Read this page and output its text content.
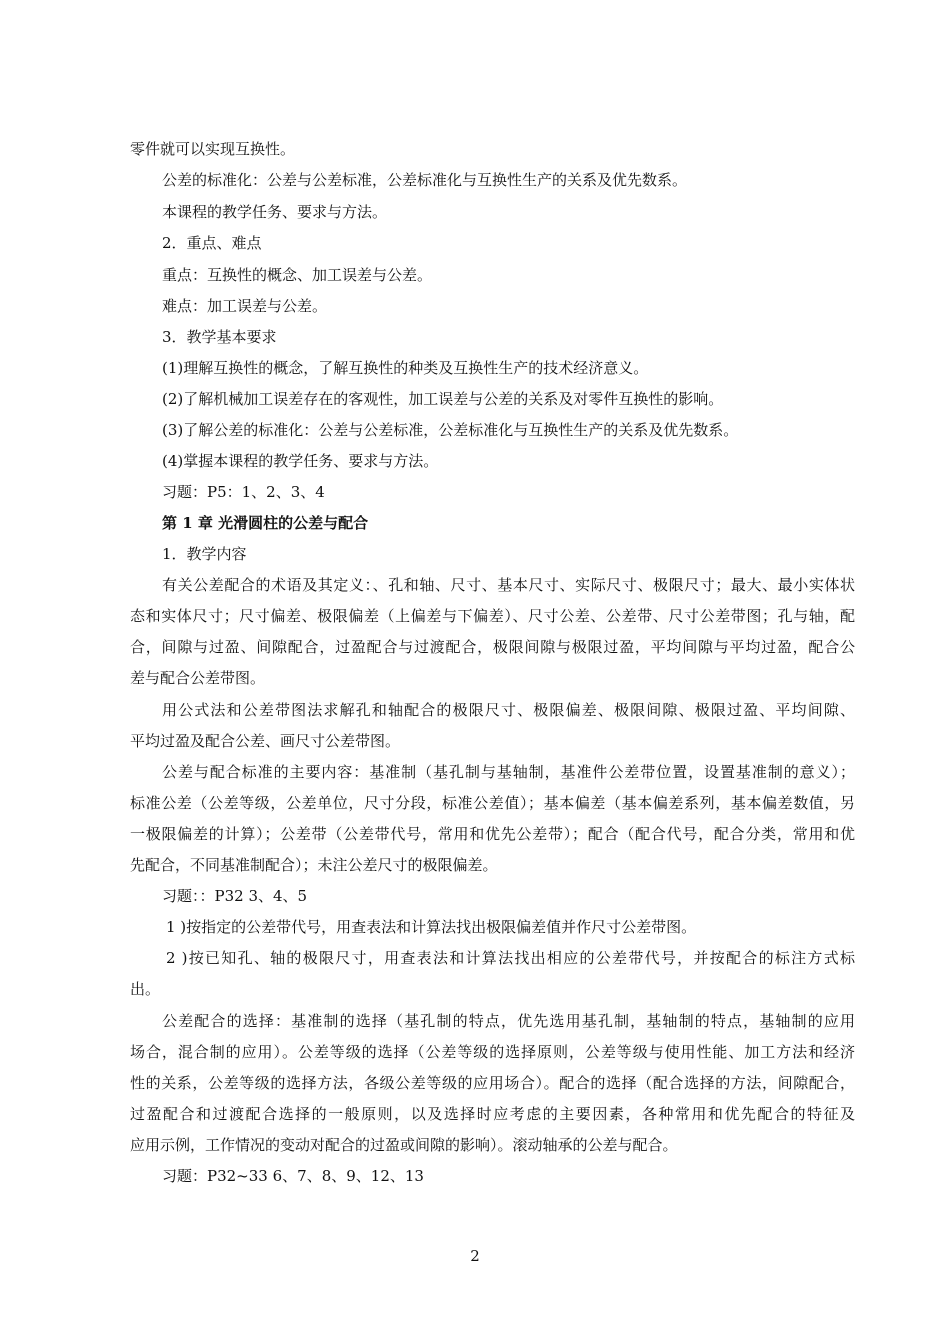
零件就可以实现互换性。
公差的标准化：公差与公差标准，公差标准化与互换性生产的关系及优先数系。
本课程的教学任务、要求与方法。
2．重点、难点
重点：互换性的概念、加工误差与公差。
难点：加工误差与公差。
3．教学基本要求
(1)理解互换性的概念，了解互换性的种类及互换性生产的技术经济意义。
(2)了解机械加工误差存在的客观性，加工误差与公差的关系及对零件互换性的影响。
(3)了解公差的标准化：公差与公差标准，公差标准化与互换性生产的关系及优先数系。
(4)掌握本课程的教学任务、要求与方法。
习题：P5：1、2、3、4
第 1 章 光滑圆柱的公差与配合
1．教学内容
有关公差配合的术语及其定义：、孔和轴、尺寸、基本尺寸、实际尺寸、极限尺寸；最大、最小实体状
态和实体尺寸；尺寸偏差、极限偏差（上偏差与下偏差）、尺寸公差、公差带、尺寸公差带图；孔与轴，配
合，间隙与过盈、间隙配合，过盈配合与过渡配合，极限间隙与极限过盈，平均间隙与平均过盈，配合公
差与配合公差带图。
用公式法和公差带图法求解孔和轴配合的极限尺寸、极限偏差、极限间隙、极限过盈、平均间隙、
平均过盈及配合公差、画尺寸公差带图。
公差与配合标准的主要内容：基准制（基孔制与基轴制，基准件公差带位置，设置基准制的意义）；
标准公差（公差等级，公差单位，尺寸分段，标准公差值）；基本偏差（基本偏差系列，基本偏差数值，另
一极限偏差的计算）；公差带（公差带代号，常用和优先公差带）；配合（配合代号，配合分类，常用和优
先配合，不同基准制配合）；未注公差尺寸的极限偏差。
习题：：P32 3、4、5
1 )按指定的公差带代号，用查表法和计算法找出极限偏差值并作尺寸公差带图。
2 )按已知孔、轴的极限尺寸，用查表法和计算法找出相应的公差带代号，并按配合的标注方式标
出。
公差配合的选择：基准制的选择（基孔制的特点，优先选用基孔制，基轴制的特点，基轴制的应用
场合，混合制的应用）。公差等级的选择（公差等级的选择原则，公差等级与使用性能、加工方法和经济
性的关系，公差等级的选择方法，各级公差等级的应用场合）。配合的选择（配合选择的方法，间隙配合，
过盈配合和过渡配合选择的一般原则，以及选择时应考虑的主要因素，各种常用和优先配合的特征及
应用示例，工作情况的变动对配合的过盈或间隙的影响）。滚动轴承的公差与配合。
习题：P32~33 6、7、8、9、12、13
2
